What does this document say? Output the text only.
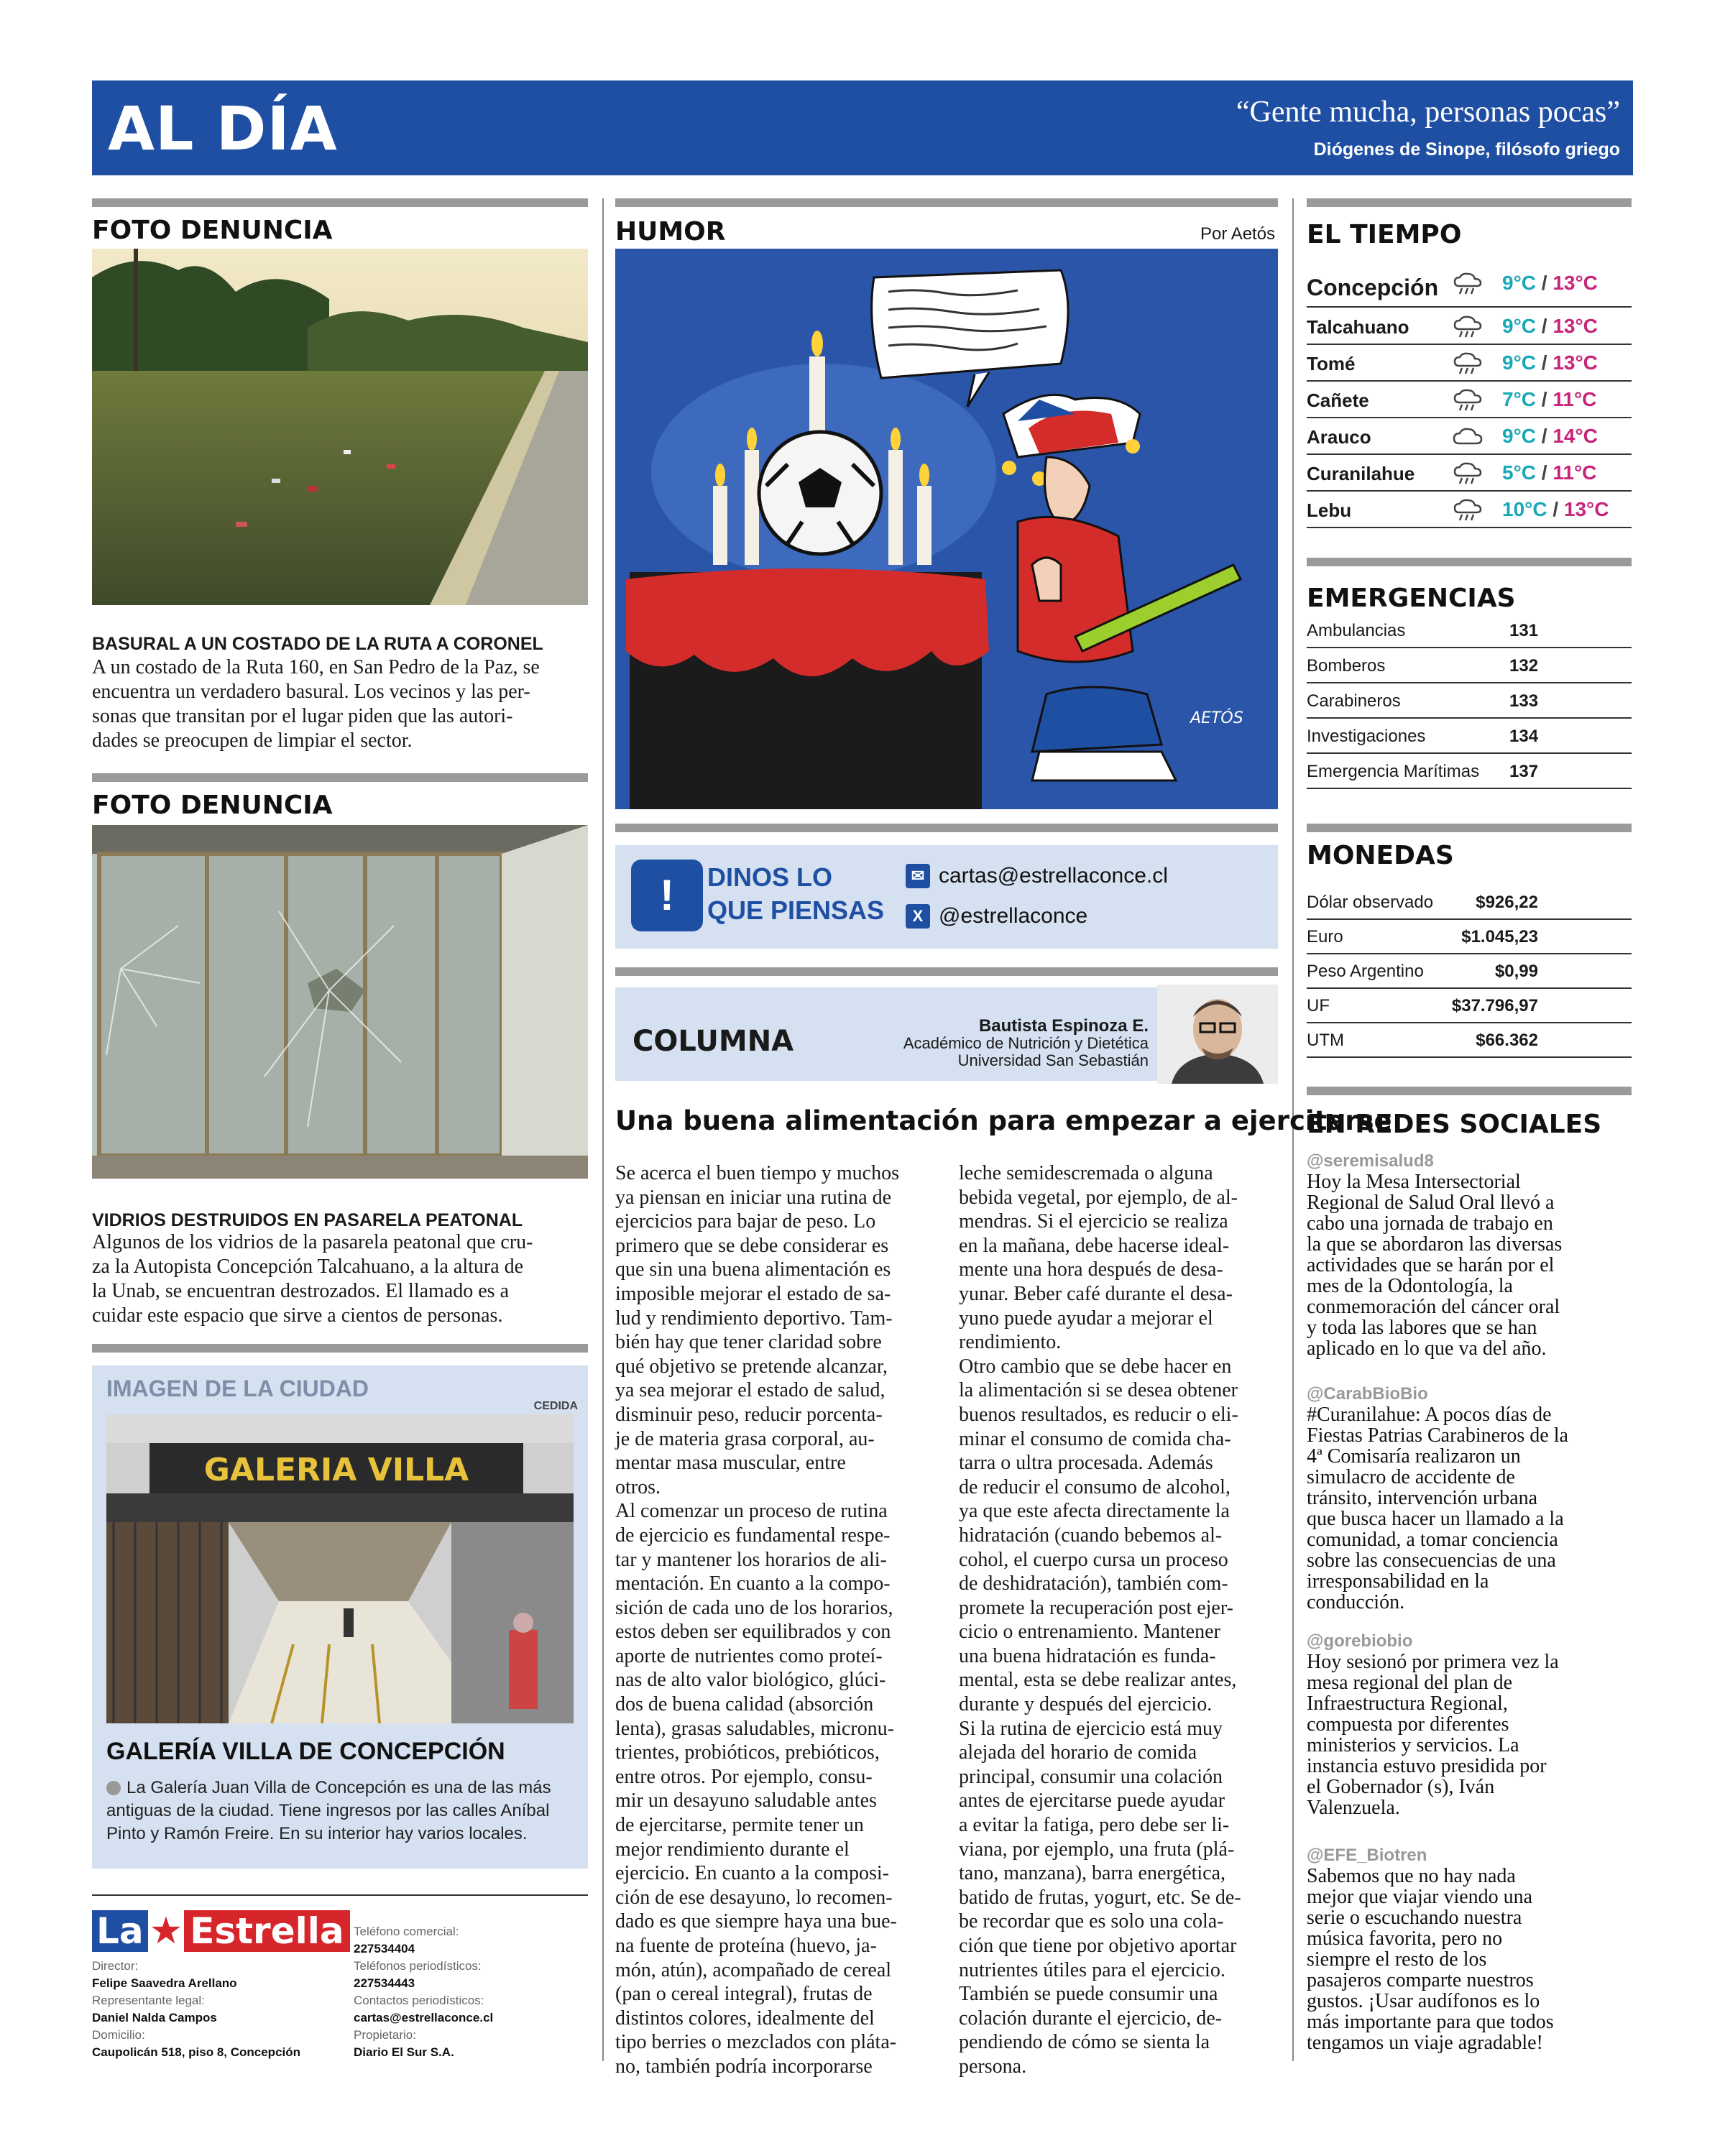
AL DÍA	“Gente mucha, personas pocas”
Diógenes de Sinope, filósofo griego
FOTO DENUNCIA
BASURAL A UN COSTADO DE LA RUTA A CORONEL
A un costado de la Ruta 160, en San Pedro de la Paz, se
encuentra un verdadero basural. Los vecinos y las per-
sonas que transitan por el lugar piden que las autori-
dades se preocupen de limpiar el sector.
FOTO DENUNCIA
VIDRIOS DESTRUIDOS EN PASARELA PEATONAL
Algunos de los vidrios de la pasarela peatonal que cru-
za la Autopista Concepción Talcahuano, a la altura de
la Unab, se encuentran destrozados. El llamado es a
cuidar este espacio que sirve a cientos de personas.
IMAGEN DE LA CIUDAD
CEDIDA
GALERIA VILLA
GALERÍA VILLA DE CONCEPCIÓN
La Galería Juan Villa de Concepción es una de las más
antiguas de la ciudad. Tiene ingresos por las calles Aníbal
Pinto y Ramón Freire. En su interior hay varios locales.
La ★ Estrella
Director:
Felipe Saavedra Arellano
Representante legal:
Daniel Nalda Campos
Domicilio:
Caupolicán 518, piso 8, Concepción
Teléfono comercial:
227534404
Teléfonos periodísticos:
227534443
Contactos periodísticos:
cartas@estrellaconce.cl
Propietario:
Diario El Sur S.A.
HUMOR	Por Aetós
AETÓS
!	DINOS LO
QUE PIENSAS
✉ cartas@estrellaconce.cl
X @estrellaconce
COLUMNA	Bautista Espinoza E.
Académico de Nutrición y Dietética
Universidad San Sebastián
Una buena alimentación para empezar a ejercitarse
Se acerca el buen tiempo y muchos
ya piensan en iniciar una rutina de
ejercicios para bajar de peso. Lo
primero que se debe considerar es
que sin una buena alimentación es
imposible mejorar el estado de sa-
lud y rendimiento deportivo. Tam-
bién hay que tener claridad sobre
qué objetivo se pretende alcanzar,
ya sea mejorar el estado de salud,
disminuir peso, reducir porcenta-
je de materia grasa corporal, au-
mentar masa muscular, entre
otros.
Al comenzar un proceso de rutina
de ejercicio es fundamental respe-
tar y mantener los horarios de ali-
mentación. En cuanto a la compo-
sición de cada uno de los horarios,
estos deben ser equilibrados y con
aporte de nutrientes como proteí-
nas de alto valor biológico, glúci-
dos de buena calidad (absorción
lenta), grasas saludables, micronu-
trientes, probióticos, prebióticos,
entre otros. Por ejemplo, consu-
mir un desayuno saludable antes
de ejercitarse, permite tener un
mejor rendimiento durante el
ejercicio. En cuanto a la composi-
ción de ese desayuno, lo recomen-
dado es que siempre haya una bue-
na fuente de proteína (huevo, ja-
món, atún), acompañado de cereal
(pan o cereal integral), frutas de
distintos colores, idealmente del
tipo berries o mezclados con pláta-
no, también podría incorporarse
leche semidescremada o alguna
bebida vegetal, por ejemplo, de al-
mendras. Si el ejercicio se realiza
en la mañana, debe hacerse ideal-
mente una hora después de desa-
yunar. Beber café durante el desa-
yuno puede ayudar a mejorar el
rendimiento.
Otro cambio que se debe hacer en
la alimentación si se desea obtener
buenos resultados, es reducir o eli-
minar el consumo de comida cha-
tarra o ultra procesada. Además
de reducir el consumo de alcohol,
ya que este afecta directamente la
hidratación (cuando bebemos al-
cohol, el cuerpo cursa un proceso
de deshidratación), también com-
promete la recuperación post ejer-
cicio o entrenamiento. Mantener
una buena hidratación es funda-
mental, esta se debe realizar antes,
durante y después del ejercicio.
Si la rutina de ejercicio está muy
alejada del horario de comida
principal, consumir una colación
antes de ejercitarse puede ayudar
a evitar la fatiga, pero debe ser li-
viana, por ejemplo, una fruta (plá-
tano, manzana), barra energética,
batido de frutas, yogurt, etc. Se de-
be recordar que es solo una cola-
ción que tiene por objetivo aportar
nutrientes útiles para el ejercicio.
También se puede consumir una
colación durante el ejercicio, de-
pendiendo de cómo se sienta la
persona.
EL TIEMPO
Concepción	9°C / 13°C
Talcahuano	9°C / 13°C
Tomé	9°C / 13°C
Cañete	7°C / 11°C
Arauco	9°C / 14°C
Curanilahue	5°C / 11°C
Lebu	10°C / 13°C
EMERGENCIAS
Ambulancias	131
Bomberos	132
Carabineros	133
Investigaciones	134
Emergencia Marítimas 137
MONEDAS
Dólar observado $926,22
Euro	$1.045,23
Peso Argentino	$0,99
UF	$37.796,97
UTM	$66.362
EN REDES SOCIALES
@seremisalud8
Hoy la Mesa Intersectorial
Regional de Salud Oral llevó a
cabo una jornada de trabajo en
la que se abordaron las diversas
actividades que se harán por el
mes de la Odontología, la
conmemoración del cáncer oral
y toda las labores que se han
aplicado en lo que va del año.
@CarabBioBio
#Curanilahue: A pocos días de
Fiestas Patrias Carabineros de la
4ª Comisaría realizaron un
simulacro de accidente de
tránsito, intervención urbana
que busca hacer un llamado a la
comunidad, a tomar conciencia
sobre las consecuencias de una
irresponsabilidad en la
conducción.
@gorebiobio
Hoy sesionó por primera vez la
mesa regional del plan de
Infraestructura Regional,
compuesta por diferentes
ministerios y servicios. La
instancia estuvo presidida por
el Gobernador (s), Iván
Valenzuela.
@EFE_Biotren
Sabemos que no hay nada
mejor que viajar viendo una
serie o escuchando nuestra
música favorita, pero no
siempre el resto de los
pasajeros comparte nuestros
gustos. ¡Usar audífonos es lo
más importante para que todos
tengamos un viaje agradable!
